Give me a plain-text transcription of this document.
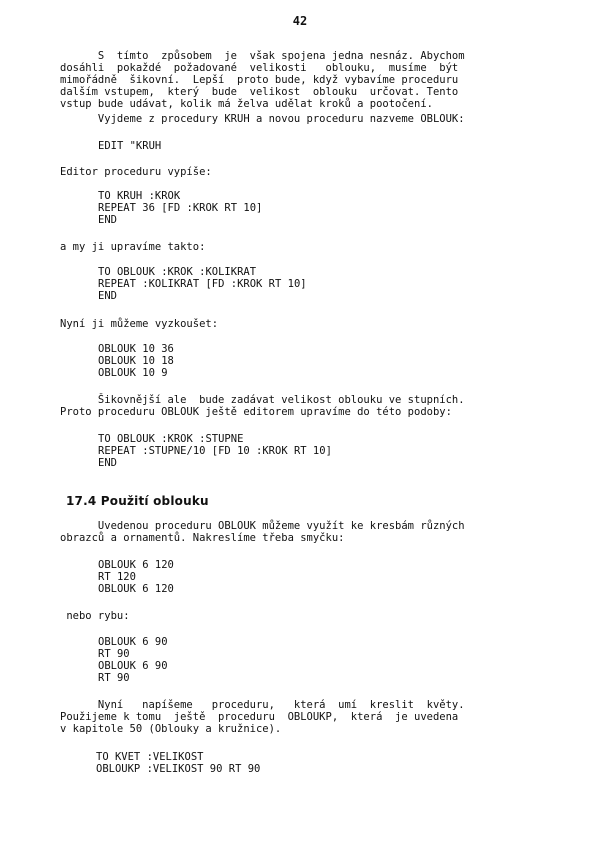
42
S  tímto  způsobem  je  však spojena jedna nesnáz. Abychom
dosáhli  pokaždé  požadované  velikosti   oblouku,  musíme  být
mimořádně  šikovní.  Lepší  proto bude, když vybavíme proceduru
dalším vstupem,  který  bude  velikost  oblouku  určovat. Tento
vstup bude udávat, kolik má želva udělat kroků a pootočení.
Vyjdeme z procedury KRUH a novou proceduru nazveme OBLOUK:
EDIT "KRUH
Editor proceduru vypíše:
TO KRUH :KROK
REPEAT 36 [FD :KROK RT 10]
END
a my ji upravíme takto:
TO OBLOUK :KROK :KOLIKRAT
REPEAT :KOLIKRAT [FD :KROK RT 10]
END
Nyní ji můžeme vyzkoušet:
OBLOUK 10 36
OBLOUK 10 18
OBLOUK 10 9
Šikovnější ale  bude zadávat velikost oblouku ve stupních.
Proto proceduru OBLOUK ještě editorem upravíme do této podoby:
TO OBLOUK :KROK :STUPNE
REPEAT :STUPNE/10 [FD 10 :KROK RT 10]
END
17.4 Použití oblouku
Uvedenou proceduru OBLOUK můžeme využít ke kresbám různých
obrazců a ornamentů. Nakreslíme třeba smyčku:
OBLOUK 6 120
RT 120
OBLOUK 6 120
nebo rybu:
OBLOUK 6 90
RT 90
OBLOUK 6 90
RT 90
Nyní   napíšeme   proceduru,   která  umí  kreslit  květy.
Použijeme k tomu  ještě  proceduru  OBLOUKP,  která  je uvedena
v kapitole 50 (Oblouky a kružnice).
TO KVET :VELIKOST
OBLOUKP :VELIKOST 90 RT 90
